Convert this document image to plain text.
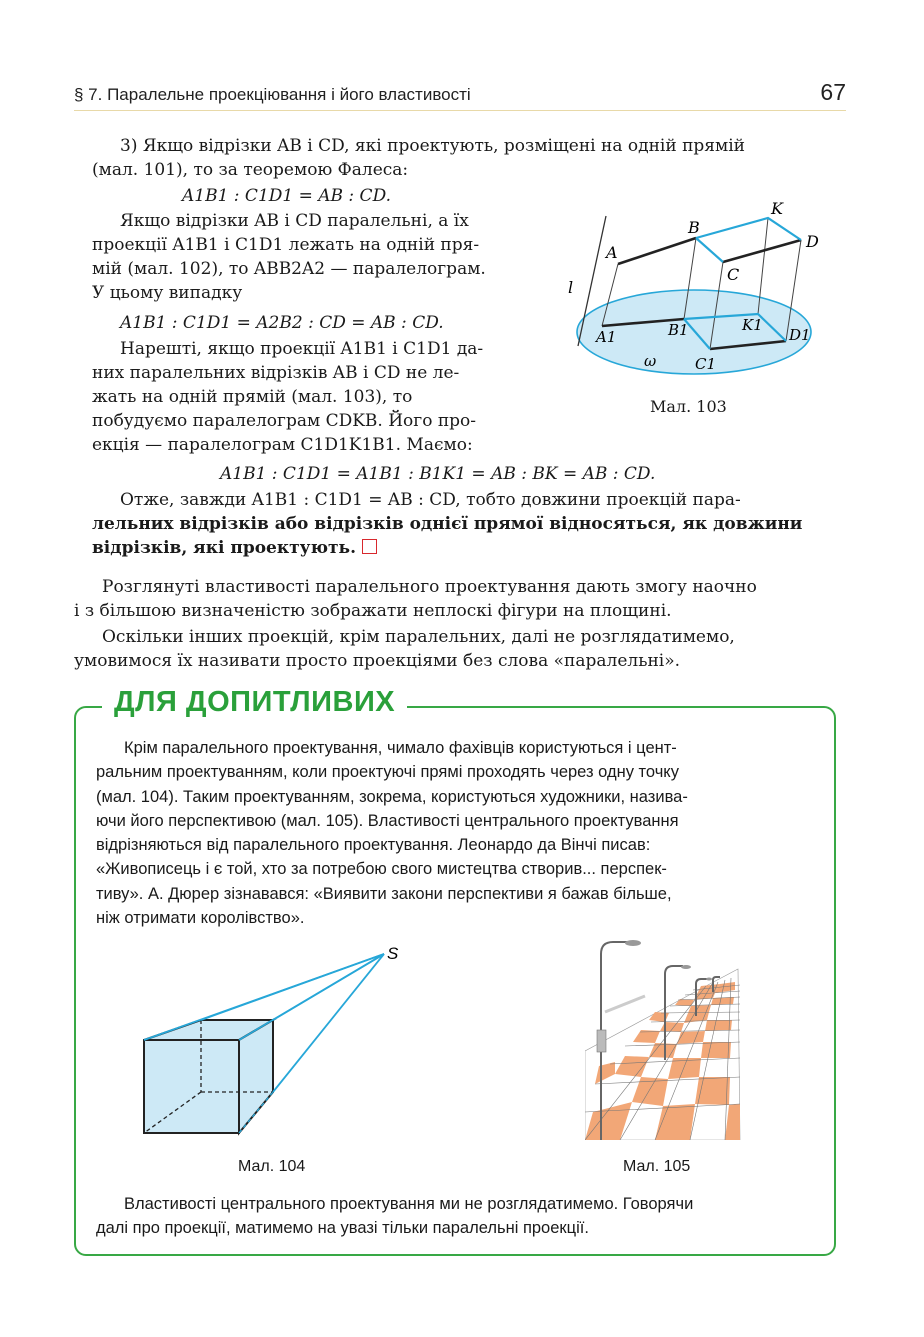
§ 7. Паралельне проекціювання і його властивості	67

3) Якщо відрізки AB і CD, які проектують, розміщені на одній прямій

(мал. 101), то за теоремою Фалеса:

A1B1 : C1D1 = AB : CD.

Якщо відрізки AB і CD паралельні, а їх

проекції A1B1 і C1D1 лежать на одній пря-

мій (мал. 102), то ABB2A2 — паралелограм.

У цьому випадку

A1B1 : C1D1 = A2B2 : CD = AB : CD.

Нарешті, якщо проекції A1B1 і C1D1 да-

них паралельних відрізків AB і CD не ле-

жать на одній прямій (мал. 103), то

побудуємо паралелограм CDKB. Його про-

екція — паралелограм C1D1K1B1. Маємо:

A1B1 : C1D1 = A1B1 : B1K1 = AB : BK = AB : CD.
l
A
B
K
D
C
A1	B1	K1
D1
C1
ω
Мал. 103

Отже, завжди A1B1 : C1D1 = AB : CD, тобто довжини проекцій пара-

лельних відрізків або відрізків однієї прямої відносяться, як довжини

відрізків, які проектують.

Розглянуті властивості паралельного проектування дають змогу наочно

і з більшою визначеністю зображати неплоскі фігури на площині.

Оскільки інших проекцій, крім паралельних, далі не розглядатимемо,

умовимося їх називати просто проекціями без слова «паралельні».

ДЛЯ ДОПИТЛИВИХ

Крім паралельного проектування, чимало фахівців користуються і цент-

ральним проектуванням, коли проектуючі прямі проходять через одну точку

(мал. 104). Таким проектуванням, зокрема, користуються художники, назива-

ючи його перспективою (мал. 105). Властивості центрального проектування

відрізняються від паралельного проектування. Леонардо да Вінчі писав:

«Живописець і є той, хто за потребою свого мистецтва створив... перспек-

тиву». А. Дюрер зізнавався: «Виявити закони перспективи я бажав більше,

ніж отримати королівство».

S
Мал. 104	Мал. 105

Властивості центрального проектування ми не розглядатимемо. Говорячи

далі про проекції, матимемо на увазі тільки паралельні проекції.
